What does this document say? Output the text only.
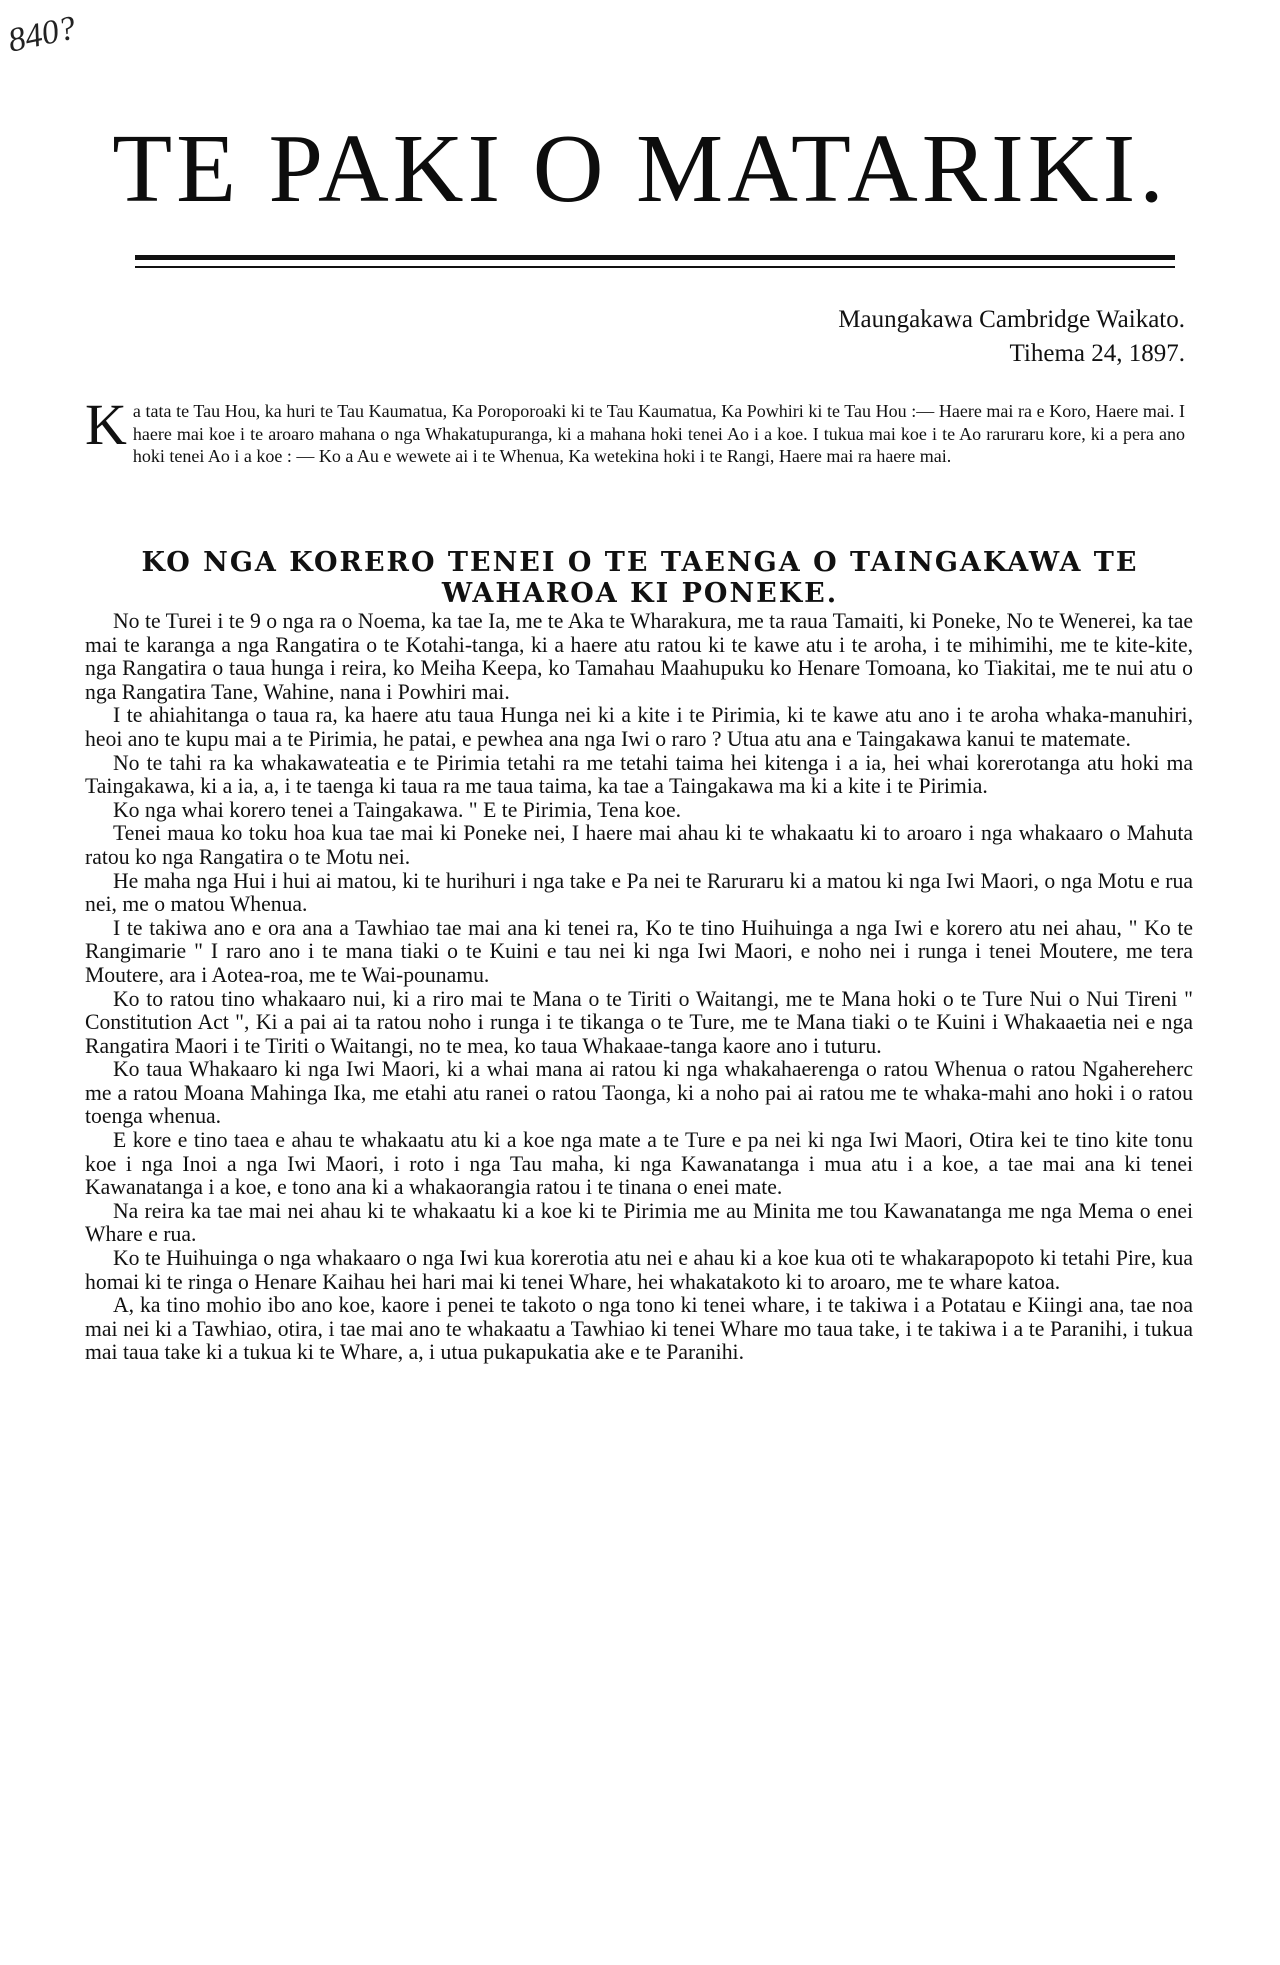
840?
TE PAKI O MATARIKI.
Maungakawa Cambridge Waikato.
Tihema 24, 1897.
K a tata te Tau Hou, ka huri te Tau Kaumatua, Ka Poroporoaki ki te Tau Kaumatua, Ka Powhiri ki te Tau Hou :— Haere mai ra e Koro, Haere mai. I haere mai koe i te aroaro mahana o nga Whakatupuranga, ki a mahana hoki tenei Ao i a koe. I tukua mai koe i te Ao raruraru kore, ki a pera ano hoki tenei Ao i a koe : — Ko a Au e wewete ai i te Whenua, Ka wetekina hoki i te Rangi, Haere mai ra haere mai.
KO NGA KORERO TENEI O TE TAENGA O TAINGAKAWA TE WAHAROA KI PONEKE.

No te Turei i te 9 o nga ra o Noema, ka tae Ia, me te Aka te Wharakura, me ta raua Tamaiti, ki Poneke, No te Wenerei, ka tae mai te karanga a nga Rangatira o te Kotahi-tanga, ki a haere atu ratou ki te kawe atu i te aroha, i te mihimihi, me te kite-kite, nga Rangatira o taua hunga i reira, ko Meiha Keepa, ko Tamahau Maahupuku ko Henare Tomoana, ko Tiakitai, me te nui atu o nga Rangatira Tane, Wahine, nana i Powhiri mai.

I te ahiahitanga o taua ra, ka haere atu taua Hunga nei ki a kite i te Pirimia, ki te kawe atu ano i te aroha whaka-manuhiri, heoi ano te kupu mai a te Pirimia, he patai, e pewhea ana nga Iwi o raro ? Utua atu ana e Taingakawa kanui te matemate.

No te tahi ra ka whakawateatia e te Pirimia tetahi ra me tetahi taima hei kitenga i a ia, hei whai korerotanga atu hoki ma Taingakawa, ki a ia, a, i te taenga ki taua ra me taua taima, ka tae a Taingakawa ma ki a kite i te Pirimia.

Ko nga whai korero tenei a Taingakawa. " E te Pirimia, Tena koe.

Tenei maua ko toku hoa kua tae mai ki Poneke nei, I haere mai ahau ki te whakaatu ki to aroaro i nga whakaaro o Mahuta ratou ko nga Rangatira o te Motu nei.

He maha nga Hui i hui ai matou, ki te hurihuri i nga take e Pa nei te Raruraru ki a matou ki nga Iwi Maori, o nga Motu e rua nei, me o matou Whenua.

I te takiwa ano e ora ana a Tawhiao tae mai ana ki tenei ra, Ko te tino Huihuinga a nga Iwi e korero atu nei ahau, " Ko te Rangimarie " I raro ano i te mana tiaki o te Kuini e tau nei ki nga Iwi Maori, e noho nei i runga i tenei Moutere, me tera Moutere, ara i Aotea-roa, me te Wai-pounamu.

Ko to ratou tino whakaaro nui, ki a riro mai te Mana o te Tiriti o Waitangi, me te Mana hoki o te Ture Nui o Nui Tireni " Constitution Act ", Ki a pai ai ta ratou noho i runga i te tikanga o te Ture, me te Mana tiaki o te Kuini i Whakaaetia nei e nga Rangatira Maori i te Tiriti o Waitangi, no te mea, ko taua Whakaae-tanga kaore ano i tuturu.

Ko taua Whakaaro ki nga Iwi Maori, ki a whai mana ai ratou ki nga whakahaerenga o ratou Whenua o ratou Ngahereherc me a ratou Moana Mahinga Ika, me etahi atu ranei o ratou Taonga, ki a noho pai ai ratou me te whaka-mahi ano hoki i o ratou toenga whenua.

E kore e tino taea e ahau te whakaatu atu ki a koe nga mate a te Ture e pa nei ki nga Iwi Maori, Otira kei te tino kite tonu koe i nga Inoi a nga Iwi Maori, i roto i nga Tau maha, ki nga Kawanatanga i mua atu i a koe, a tae mai ana ki tenei Kawanatanga i a koe, e tono ana ki a whakaorangia ratou i te tinana o enei mate.

Na reira ka tae mai nei ahau ki te whakaatu ki a koe ki te Pirimia me au Minita me tou Kawanatanga me nga Mema o enei Whare e rua.

Ko te Huihuinga o nga whakaaro o nga Iwi kua korerotia atu nei e ahau ki a koe kua oti te whakarapopoto ki tetahi Pire, kua homai ki te ringa o Henare Kaihau hei hari mai ki tenei Whare, hei whakatakoto ki to aroaro, me te whare katoa.

A, ka tino mohio ibo ano koe, kaore i penei te takoto o nga tono ki tenei whare, i te takiwa i a Potatau e Kiingi ana, tae noa mai nei ki a Tawhiao, otira, i tae mai ano te whakaatu a Tawhiao ki tenei Whare mo taua take, i te takiwa i a te Paranihi, i tukua mai taua take ki a tukua ki te Whare, a, i utua pukapukatia ake e te Paranihi.
